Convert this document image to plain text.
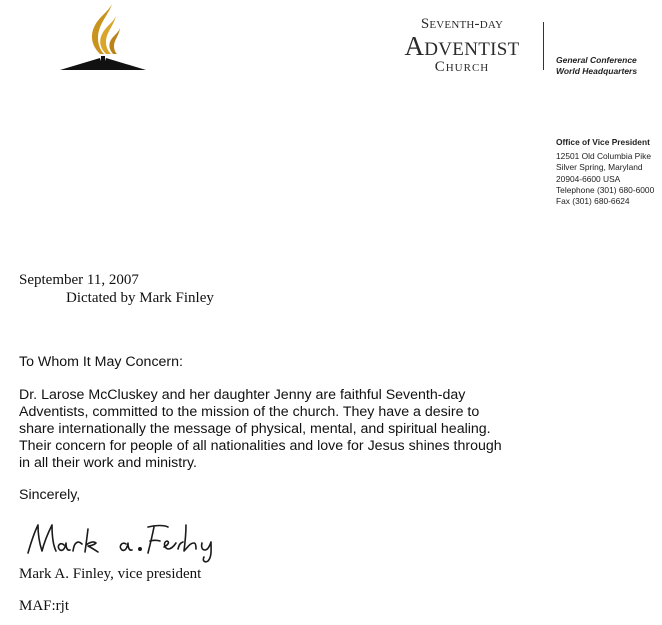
Seventh-day
Adventist
Church	General Conference
World Headquarters
Office of Vice President
12501 Old Columbia Pike
Silver Spring, Maryland
20904-6600 USA
Telephone (301) 680-6000
Fax (301) 680-6624
September 11, 2007
Dictated by Mark Finley
To Whom It May Concern:
Dr. Larose McCluskey and her daughter Jenny are faithful Seventh-day
Adventists, committed to the mission of the church. They have a desire to
share internationally the message of physical, mental, and spiritual healing.
Their concern for people of all nationalities and love for Jesus shines through
in all their work and ministry.
Sincerely,
Mark A. Finley, vice president
MAF:rjt
